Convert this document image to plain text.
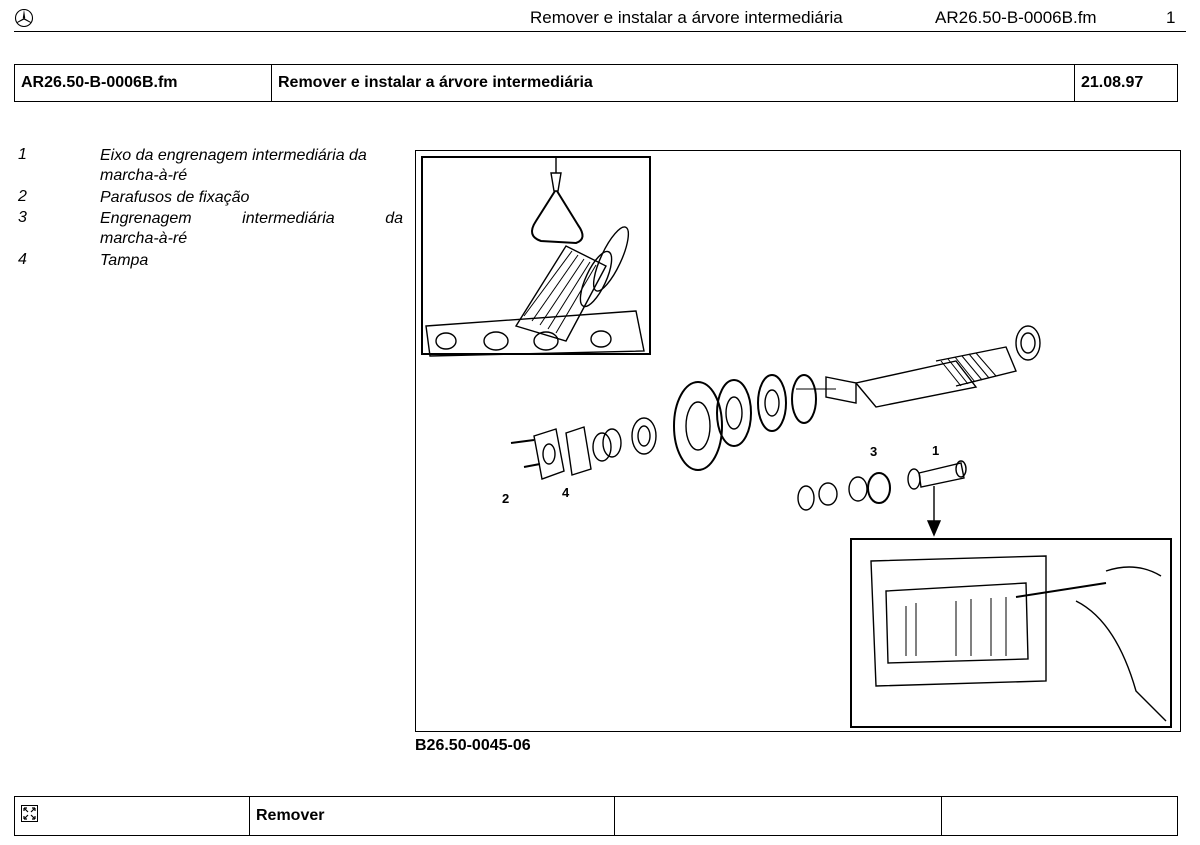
Remover e instalar a árvore intermediária	AR26.50-B-0006B.fm	1
AR26.50-B-0006B.fm	Remover e instalar a árvore intermediária	21.08.97
1	Eixo da engrenagem intermediária da
marcha-à-ré
2	Parafusos de fixação
3	Engrenagem intermediária da
marcha-à-ré
4	Tampa
3	1
2	4
B26.50-0045-06
	Remover		
